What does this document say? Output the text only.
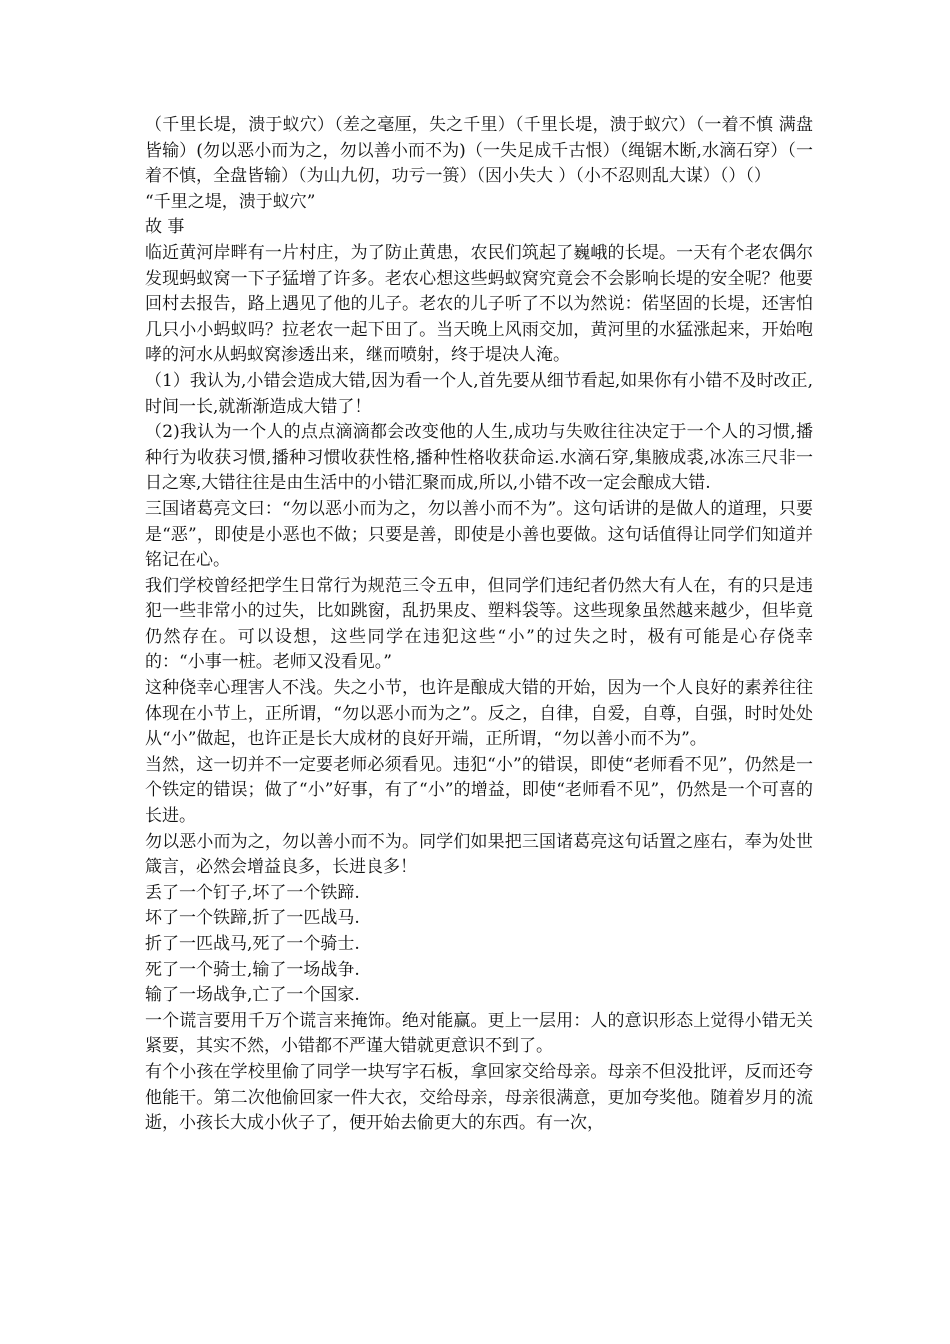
（千里长堤，溃于蚁穴）（差之毫厘，失之千里）（千里长堤，溃于蚁穴）（一着不慎 满盘皆输）(勿以恶小而为之，勿以善小而不为)（一失足成千古恨）（绳锯木断,水滴石穿）（一着不慎，全盘皆输）（为山九仞，功亏一篑）（因小失大 ）（小不忍则乱大谋）（）（）

“千里之堤，溃于蚁穴”

故 事

临近黄河岸畔有一片村庄，为了防止黄患，农民们筑起了巍峨的长堤。一天有个老农偶尔发现蚂蚁窝一下子猛增了许多。老农心想这些蚂蚁窝究竟会不会影响长堤的安全呢？他要回村去报告，路上遇见了他的儿子。老农的儿子听了不以为然说：偌坚固的长堤，还害怕几只小小蚂蚁吗？拉老农一起下田了。当天晚上风雨交加，黄河里的水猛涨起来，开始咆哮的河水从蚂蚁窝渗透出来，继而喷射，终于堤决人淹。

（1）我认为,小错会造成大错,因为看一个人,首先要从细节看起,如果你有小错不及时改正,时间一长,就渐渐造成大错了！

（2)我认为一个人的点点滴滴都会改变他的人生,成功与失败往往决定于一个人的习惯,播种行为收获习惯,播种习惯收获性格,播种性格收获命运.水滴石穿,集腋成裘,冰冻三尺非一日之寒,大错往往是由生活中的小错汇聚而成,所以,小错不改一定会酿成大错.

三国诸葛亮文曰：“勿以恶小而为之，勿以善小而不为”。这句话讲的是做人的道理，只要是“恶”，即使是小恶也不做；只要是善，即使是小善也要做。这句话值得让同学们知道并铭记在心。

我们学校曾经把学生日常行为规范三令五申，但同学们违纪者仍然大有人在，有的只是违犯一些非常小的过失，比如跳窗，乱扔果皮、塑料袋等。这些现象虽然越来越少，但毕竟仍然存在。可以设想，这些同学在违犯这些“小”的过失之时，极有可能是心存侥幸的：“小事一桩。老师又没看见。”

这种侥幸心理害人不浅。失之小节，也许是酿成大错的开始，因为一个人良好的素养往往体现在小节上，正所谓，“勿以恶小而为之”。反之，自律，自爱，自尊，自强，时时处处从“小”做起，也许正是长大成材的良好开端，正所谓，“勿以善小而不为”。

当然，这一切并不一定要老师必须看见。违犯“小”的错误，即使“老师看不见”，仍然是一个铁定的错误；做了“小”好事，有了“小”的增益，即使“老师看不见”，仍然是一个可喜的长进。

勿以恶小而为之，勿以善小而不为。同学们如果把三国诸葛亮这句话置之座右，奉为处世箴言，必然会增益良多，长进良多！

丢了一个钉子,坏了一个铁蹄.

坏了一个铁蹄,折了一匹战马.

折了一匹战马,死了一个骑士.

死了一个骑士,输了一场战争.

输了一场战争,亡了一个国家.

一个谎言要用千万个谎言来掩饰。绝对能赢。更上一层用：人的意识形态上觉得小错无关紧要，其实不然，小错都不严谨大错就更意识不到了。

有个小孩在学校里偷了同学一块写字石板，拿回家交给母亲。母亲不但没批评，反而还夸他能干。第二次他偷回家一件大衣，交给母亲，母亲很满意，更加夸奖他。随着岁月的流逝，小孩长大成小伙子了，便开始去偷更大的东西。有一次，
